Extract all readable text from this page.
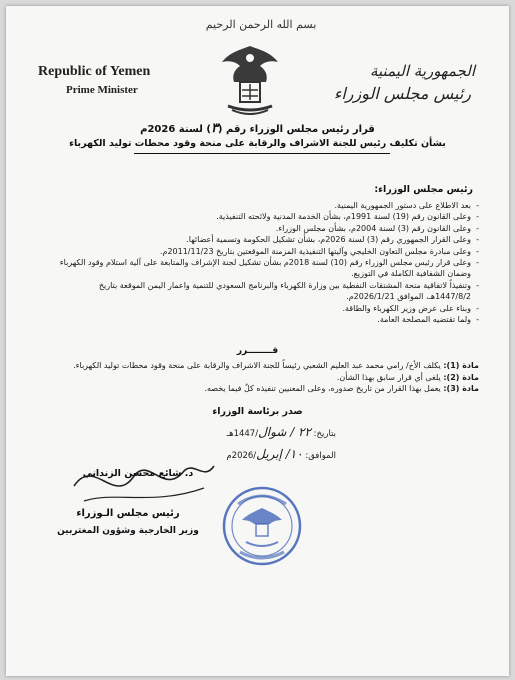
بسم الله الرحمن الرحيم
Republic of Yemen
Prime Minister
الجمهورية اليمنية
رئيس مجلس الوزراء
قرار رئيس مجلس الوزراء رقم (٣) لسنة 2026م
بشأن تكليف رئيس للجنة الاشراف والرقابة على منحة وقود محطات توليد الكهرباء
رئيس مجلس الوزراء:
- بعد الاطلاع على دستور الجمهورية اليمنية.
- وعلى القانون رقم (19) لسنة 1991م، بشأن الخدمة المدنية ولائحته التنفيذية.
- وعلى القانون رقم (3) لسنة 2004م، بشأن مجلس الوزراء.
- وعلى القرار الجمهوري رقم (3) لسنة 2026م، بشأن تشكيل الحكومة وتسمية أعضائها.
- وعلى مبادرة مجلس التعاون الخليجي وآليتها التنفيذية المزمنة الموقعتين بتاريخ 2011/11/23م.
- وعلى قرار رئيس مجلس الوزراء رقم (10) لسنة 2018م بشأن تشكيل لجنة الإشراف والمتابعة على آلية استلام وقود الكهرباء وضمان الشفافية الكاملة في التوزيع.
- وتنفيذاً لاتفاقية منحة المشتقات النفطية بين وزارة الكهرباء والبرنامج السعودي للتنمية واعمار اليمن الموقعة بتاريخ 1447/8/2هـ، الموافق 2026/1/21م.
- وبناء على عرض وزير الكهرباء والطاقة.
- ولما تقتضيه المصلحة العامة.
قــــــــرر
مادة (1): يكلف الأخ/ رامي محمد عبد العليم الشعبي رئيساً للجنة الاشراف والرقابة على منحة وقود محطات توليد الكهرباء.
مادة (2): يلغى أي قرار سابق بهذا الشأن.
مادة (3): يعمل بهذا القرار من تاريخ صدوره، وعلى المعنيين تنفيذه كلٌ فيما يخصه.
صدر برئاسة الوزراء
بتاريخ: ٢٢ / شوال/1447هـ
الموافق: ١٠/ إبريل/2026م
د. شائع محسن الزنداني
رئيس مجلس الـوزراء
وزير الخارجية وشؤون المغتربين
